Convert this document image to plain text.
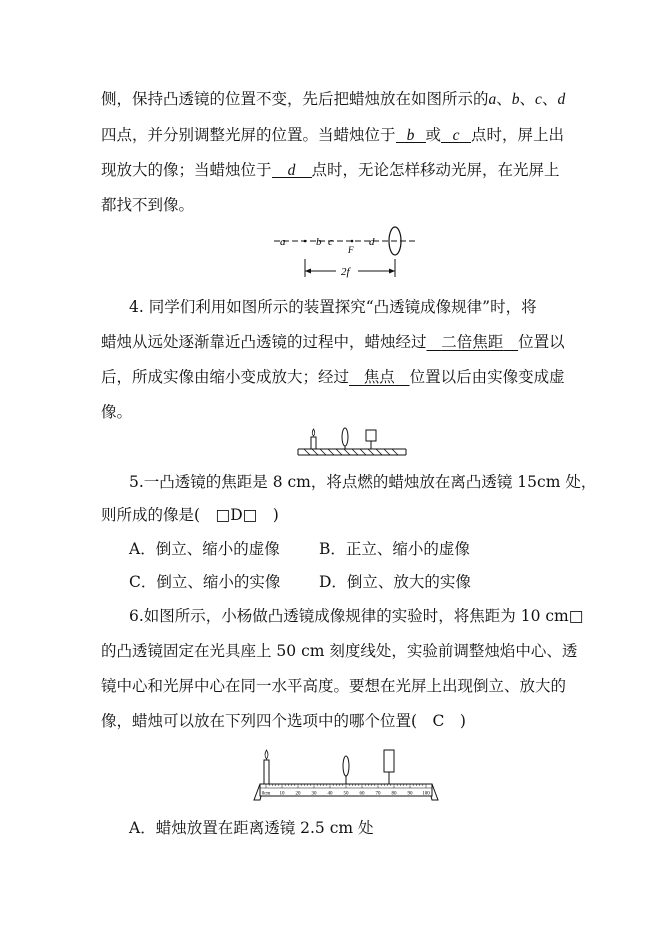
侧，保持凸透镜的位置不变，先后把蜡烛放在如图所示的a、b、c、d
四点，并分别调整光屏的位置。当蜡烛位于 b 或 c 点时，屏上出
现放大的像；当蜡烛位于 d 点时，无论怎样移动光屏，在光屏上
都找不到像。
a	b c
F
d
2f
4. 同学们利用如图所示的装置探究“凸透镜成像规律”时，将
蜡烛从远处逐渐靠近凸透镜的过程中，蜡烛经过 二倍焦距 位置以
后，所成实像由缩小变成放大；经过 焦点 位置以后由实像变成虚
像。
5.一凸透镜的焦距是 8 cm，将点燃的蜡烛放在离凸透镜 15cm 处，
则所成的像是(　□D□　)
A．倒立、缩小的虚像	B．正立、缩小的虚像
C．倒立、缩小的实像 D．倒立、放大的实像
6.如图所示，小杨做凸透镜成像规律的实验时，将焦距为 10 cm□
的凸透镜固定在光具座上 50 cm 刻度线处，实验前调整烛焰中心、透
镜中心和光屏中心在同一水平高度。要想在光屏上出现倒立、放大的
像，蜡烛可以放在下列四个选项中的哪个位置(　C　)
0cm 10 20 30 40 50 60 70 80 90 100
A．蜡烛放置在距离透镜 2.5 cm 处
